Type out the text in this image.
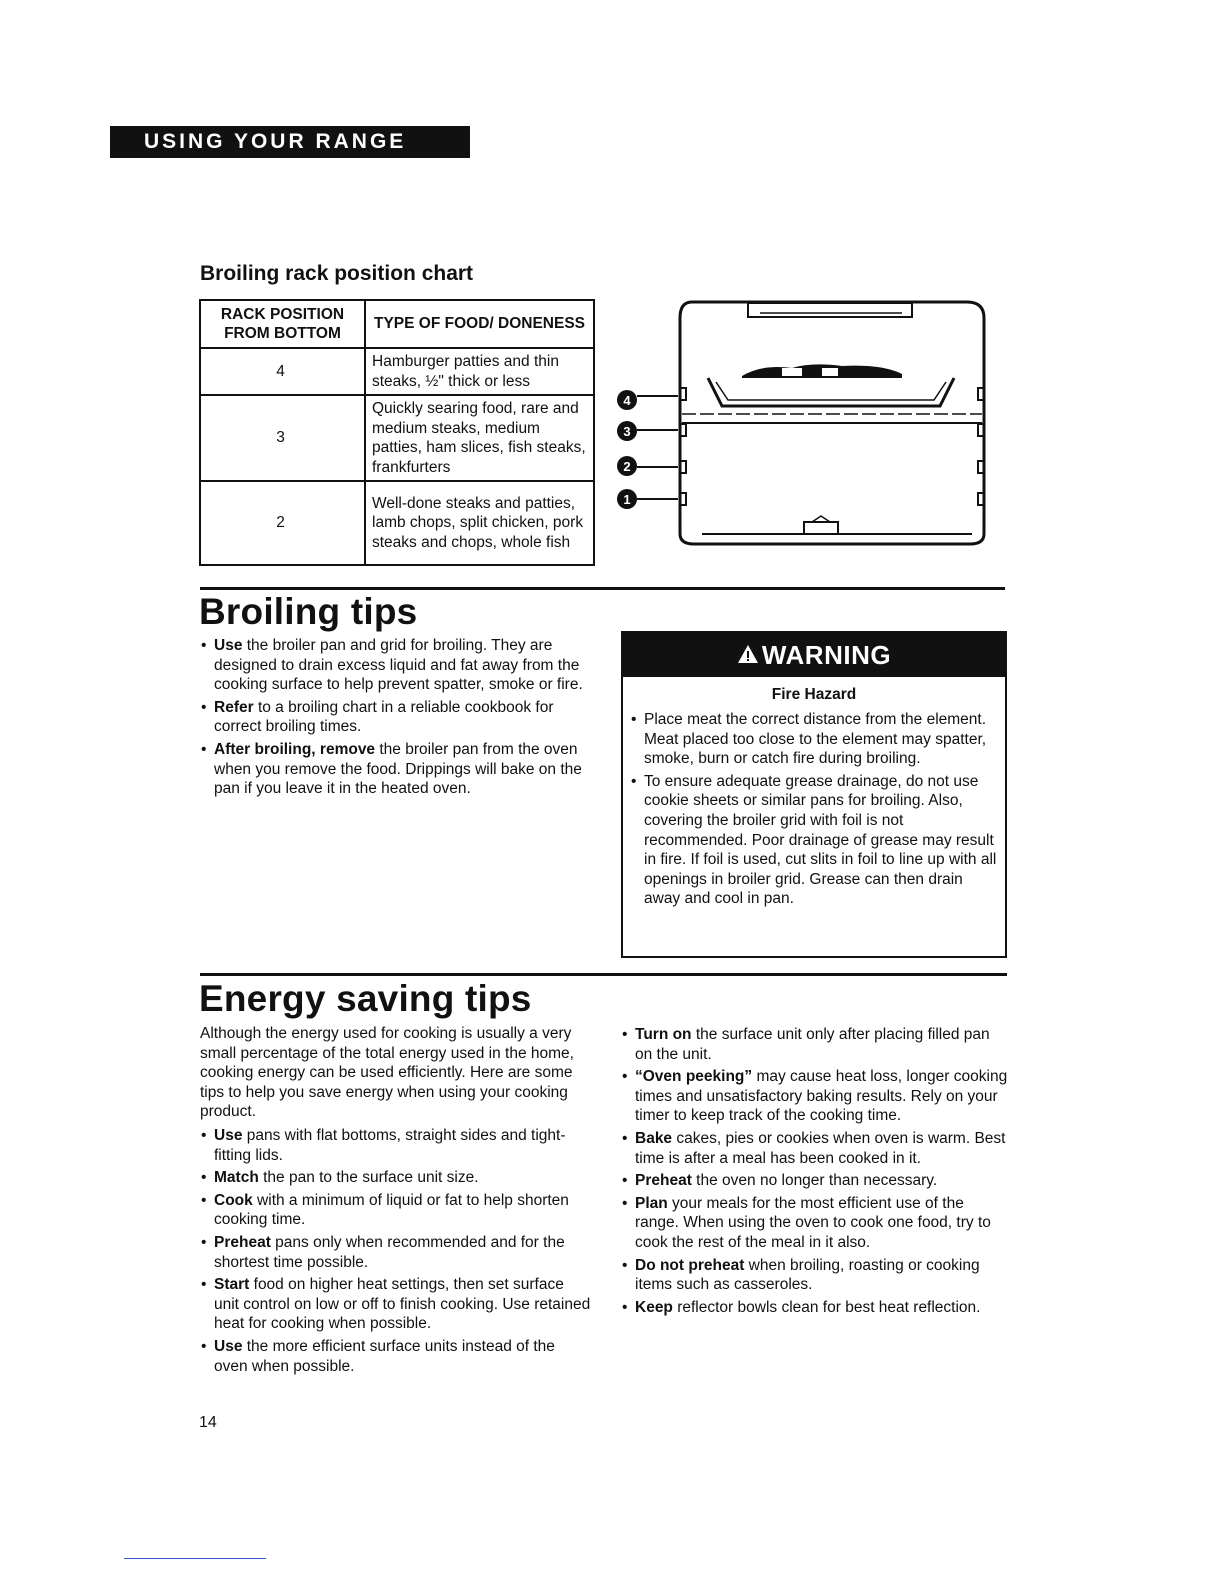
USING YOUR RANGE
Broiling rack position chart
RACK POSITION FROM BOTTOM	TYPE OF FOOD/ DONENESS
4	Hamburger patties and thin steaks, ½" thick or less
3	Quickly searing food, rare and medium steaks, medium patties, ham slices, fish steaks, frankfurters
2	Well-done steaks and patties, lamb chops, split chicken, pork steaks and chops, whole fish
4
3
2
1
Broiling tips
• Use the broiler pan and grid for broiling. They are designed to drain excess liquid and fat away from the cooking surface to help prevent spatter, smoke or fire.
• Refer to a broiling chart in a reliable cookbook for correct broiling times.
• After broiling, remove the broiler pan from the oven when you remove the food. Drippings will bake on the pan if you leave it in the heated oven.
WARNING
Fire Hazard
• Place meat the correct distance from the element. Meat placed too close to the element may spatter, smoke, burn or catch fire during broiling.
• To ensure adequate grease drainage, do not use cookie sheets or similar pans for broiling. Also, covering the broiler grid with foil is not recommended. Poor drainage of grease may result in fire. If foil is used, cut slits in foil to line up with all openings in broiler grid. Grease can then drain away and cool in pan.
Energy saving tips

Although the energy used for cooking is usually a very small percentage of the total energy used in the home, cooking energy can be used efficiently. Here are some tips to help you save energy when using your cooking product.

• Use pans with flat bottoms, straight sides and tight-fitting lids.
• Match the pan to the surface unit size.
• Cook with a minimum of liquid or fat to help shorten cooking time.
• Preheat pans only when recommended and for the shortest time possible.
• Start food on higher heat settings, then set surface unit control on low or off to finish cooking. Use retained heat for cooking when possible.
• Use the more efficient surface units instead of the oven when possible.
• Turn on the surface unit only after placing filled pan on the unit.
• “Oven peeking” may cause heat loss, longer cooking times and unsatisfactory baking results. Rely on your timer to keep track of the cooking time.
• Bake cakes, pies or cookies when oven is warm. Best time is after a meal has been cooked in it.
• Preheat the oven no longer than necessary.
• Plan your meals for the most efficient use of the range. When using the oven to cook one food, try to cook the rest of the meal in it also.
• Do not preheat when broiling, roasting or cooking items such as casseroles.
• Keep reflector bowls clean for best heat reflection.
14
